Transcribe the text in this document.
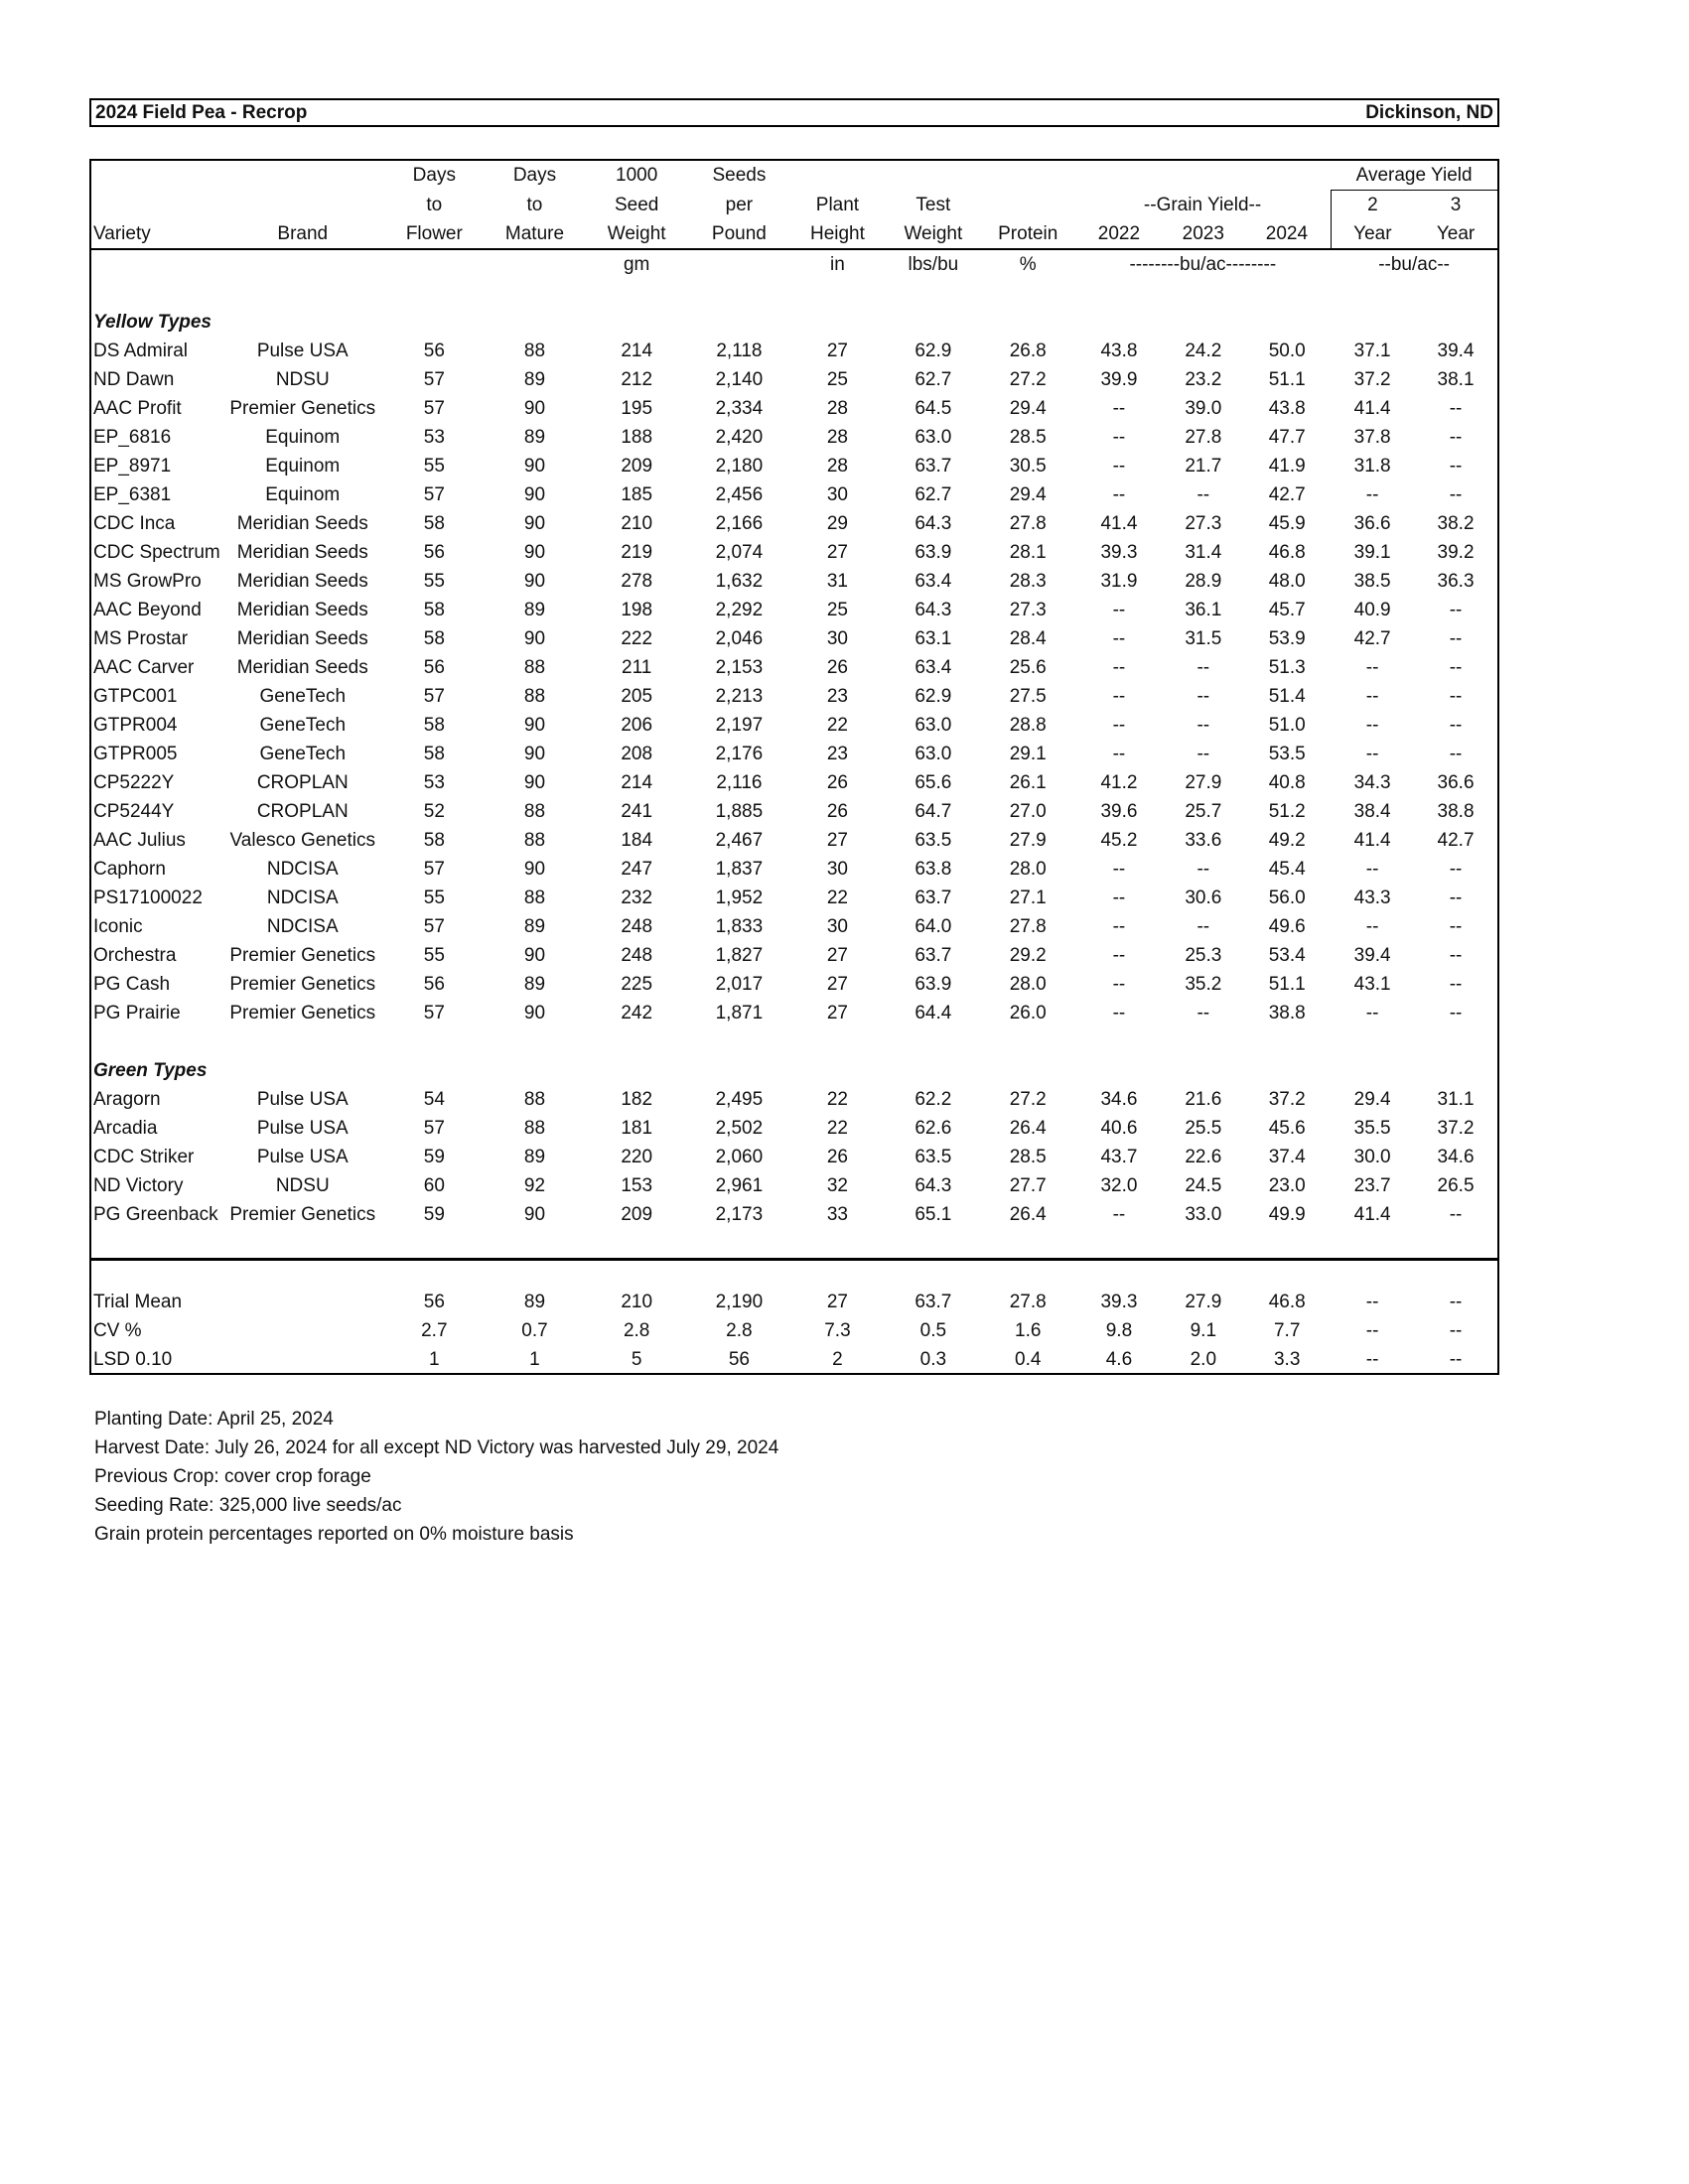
2024 Field Pea - Recrop	Dickinson, ND
		Days	Days	1000	Seeds							Average Yield	
		to	to	Seed	per	Plant	Test		--Grain Yield--			2	3
Variety	Brand	Flower	Mature	Weight	Pound	Height	Weight	Protein	2022	2023	2024	Year	Year
				gm		in	lbs/bu	%	--------bu/ac--------			--bu/ac--	

Yellow Types													
DS Admiral	Pulse USA	56	88	214	2,118	27	62.9	26.8	43.8	24.2	50.0	37.1	39.4
ND Dawn	NDSU	57	89	212	2,140	25	62.7	27.2	39.9	23.2	51.1	37.2	38.1
AAC Profit	Premier Genetics	57	90	195	2,334	28	64.5	29.4	--	39.0	43.8	41.4	--
EP_6816	Equinom	53	89	188	2,420	28	63.0	28.5	--	27.8	47.7	37.8	--
EP_8971	Equinom	55	90	209	2,180	28	63.7	30.5	--	21.7	41.9	31.8	--
EP_6381	Equinom	57	90	185	2,456	30	62.7	29.4	--	--	42.7	--	--
CDC Inca	Meridian Seeds	58	90	210	2,166	29	64.3	27.8	41.4	27.3	45.9	36.6	38.2
CDC Spectrum	Meridian Seeds	56	90	219	2,074	27	63.9	28.1	39.3	31.4	46.8	39.1	39.2
MS GrowPro	Meridian Seeds	55	90	278	1,632	31	63.4	28.3	31.9	28.9	48.0	38.5	36.3
AAC Beyond	Meridian Seeds	58	89	198	2,292	25	64.3	27.3	--	36.1	45.7	40.9	--
MS Prostar	Meridian Seeds	58	90	222	2,046	30	63.1	28.4	--	31.5	53.9	42.7	--
AAC Carver	Meridian Seeds	56	88	211	2,153	26	63.4	25.6	--	--	51.3	--	--
GTPC001	GeneTech	57	88	205	2,213	23	62.9	27.5	--	--	51.4	--	--
GTPR004	GeneTech	58	90	206	2,197	22	63.0	28.8	--	--	51.0	--	--
GTPR005	GeneTech	58	90	208	2,176	23	63.0	29.1	--	--	53.5	--	--
CP5222Y	CROPLAN	53	90	214	2,116	26	65.6	26.1	41.2	27.9	40.8	34.3	36.6
CP5244Y	CROPLAN	52	88	241	1,885	26	64.7	27.0	39.6	25.7	51.2	38.4	38.8
AAC Julius	Valesco Genetics	58	88	184	2,467	27	63.5	27.9	45.2	33.6	49.2	41.4	42.7
Caphorn	NDCISA	57	90	247	1,837	30	63.8	28.0	--	--	45.4	--	--
PS17100022	NDCISA	55	88	232	1,952	22	63.7	27.1	--	30.6	56.0	43.3	--
Iconic	NDCISA	57	89	248	1,833	30	64.0	27.8	--	--	49.6	--	--
Orchestra	Premier Genetics	55	90	248	1,827	27	63.7	29.2	--	25.3	53.4	39.4	--
PG Cash	Premier Genetics	56	89	225	2,017	27	63.9	28.0	--	35.2	51.1	43.1	--
PG Prairie	Premier Genetics	57	90	242	1,871	27	64.4	26.0	--	--	38.8	--	--

Green Types													
Aragorn	Pulse USA	54	88	182	2,495	22	62.2	27.2	34.6	21.6	37.2	29.4	31.1
Arcadia	Pulse USA	57	88	181	2,502	22	62.6	26.4	40.6	25.5	45.6	35.5	37.2
CDC Striker	Pulse USA	59	89	220	2,060	26	63.5	28.5	43.7	22.6	37.4	30.0	34.6
ND Victory	NDSU	60	92	153	2,961	32	64.3	27.7	32.0	24.5	23.0	23.7	26.5
PG Greenback	Premier Genetics	59	90	209	2,173	33	65.1	26.4	--	33.0	49.9	41.4	--

Trial Mean		56	89	210	2,190	27	63.7	27.8	39.3	27.9	46.8	--	--
CV %		2.7	0.7	2.8	2.8	7.3	0.5	1.6	9.8	9.1	7.7	--	--
LSD 0.10		1	1	5	56	2	0.3	0.4	4.6	2.0	3.3	--	--
Planting Date: April 25, 2024
Harvest Date: July 26, 2024 for all except ND Victory was harvested July 29, 2024
Previous Crop: cover crop forage
Seeding Rate: 325,000 live seeds/ac
Grain protein percentages reported on 0% moisture basis
